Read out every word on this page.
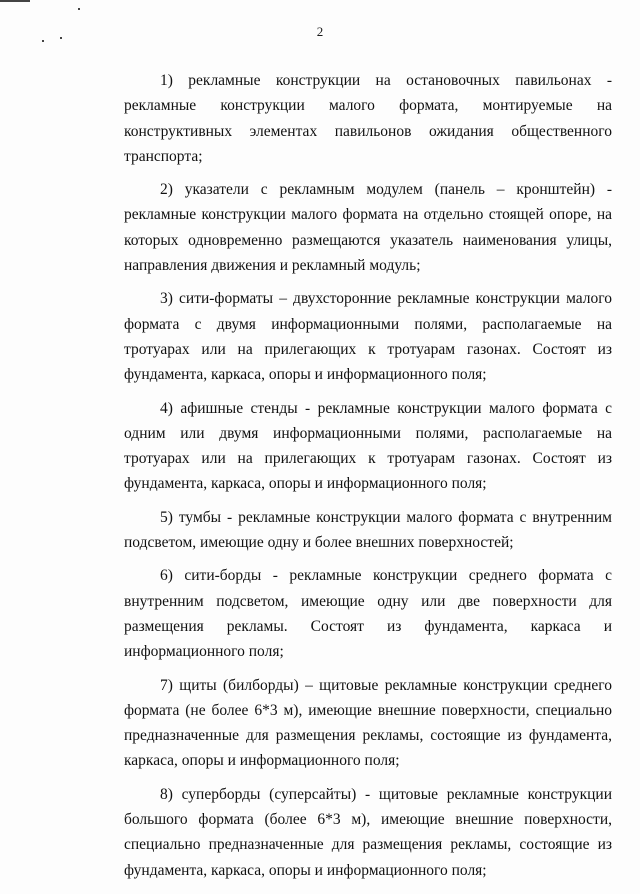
2

1) рекламные конструкции на остановочных павильонах - рекламные конструкции малого формата, монтируемые на конструктивных элементах павильонов ожидания общественного транспорта;

2) указатели с рекламным модулем (панель – кронштейн) - рекламные конструкции малого формата на отдельно стоящей опоре, на которых одновременно размещаются указатель наименования улицы, направления движения и рекламный модуль;

3) сити-форматы – двухсторонние рекламные конструкции малого формата с двумя информационными полями, располагаемые на тротуарах или на прилегающих к тротуарам газонах. Состоят из фундамента, каркаса, опоры и информационного поля;

4) афишные стенды - рекламные конструкции малого формата с одним или двумя информационными полями, располагаемые на тротуарах или на прилегающих к тротуарам газонах. Состоят из фундамента, каркаса, опоры и информационного поля;

5) тумбы - рекламные конструкции малого формата с внутренним подсветом, имеющие одну и более внешних поверхностей;

6) сити-борды - рекламные конструкции среднего формата с внутренним подсветом, имеющие одну или две поверхности для размещения рекламы. Состоят из фундамента, каркаса и информационного поля;

7) щиты (билборды) – щитовые рекламные конструкции среднего формата (не более 6*3 м), имеющие внешние поверхности, специально предназначенные для размещения рекламы, состоящие из фундамента, каркаса, опоры и информационного поля;

8) суперборды (суперсайты) - щитовые рекламные конструкции большого формата (более 6*3 м), имеющие внешние поверхности, специально предназначенные для размещения рекламы, состоящие из фундамента, каркаса, опоры и информационного поля;
